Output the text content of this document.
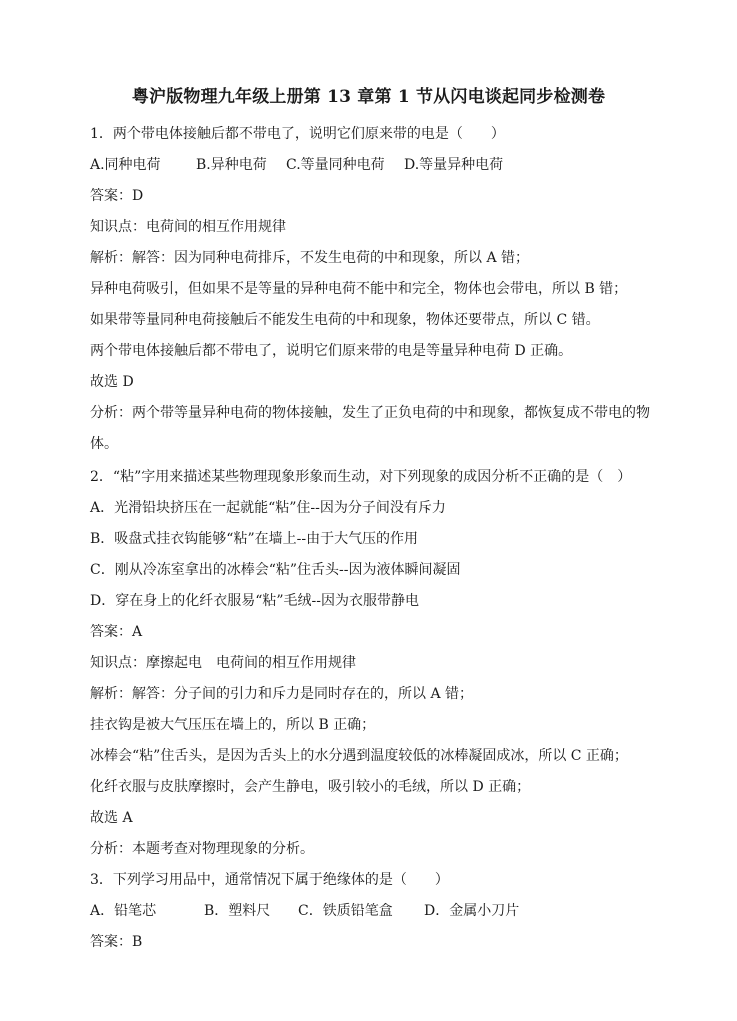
粤沪版物理九年级上册第 13 章第 1 节从闪电谈起同步检测卷
1．两个带电体接触后都不带电了，说明它们原来带的电是（　　）
A.同种电荷	B.异种电荷 C.等量同种电荷 D.等量异种电荷
答案：D
知识点：电荷间的相互作用规律
解析：解答：因为同种电荷排斥，不发生电荷的中和现象，所以 A 错；
异种电荷吸引，但如果不是等量的异种电荷不能中和完全，物体也会带电，所以 B 错；
如果带等量同种电荷接触后不能发生电荷的中和现象，物体还要带点，所以 C 错。
两个带电体接触后都不带电了，说明它们原来带的电是等量异种电荷 D 正确。
故选 D
分析：两个带等量异种电荷的物体接触，发生了正负电荷的中和现象，都恢复成不带电的物体。
2．“粘”字用来描述某些物理现象形象而生动，对下列现象的成因分析不正确的是（　）
A．光滑铅块挤压在一起就能“粘”住--因为分子间没有斥力
B．吸盘式挂衣钩能够“粘”在墙上--由于大气压的作用
C．刚从冷冻室拿出的冰棒会“粘”住舌头--因为液体瞬间凝固
D．穿在身上的化纤衣服易“粘”毛绒--因为衣服带静电
答案：A
知识点：摩擦起电　电荷间的相互作用规律
解析：解答：分子间的引力和斥力是同时存在的，所以 A 错；
挂衣钩是被大气压压在墙上的，所以 B 正确；
冰棒会“粘”住舌头，是因为舌头上的水分遇到温度较低的冰棒凝固成冰，所以 C 正确；
化纤衣服与皮肤摩擦时，会产生静电，吸引较小的毛绒，所以 D 正确；
故选 A
分析：本题考查对物理现象的分析。
3．下列学习用品中，通常情况下属于绝缘体的是（　　）
A．铅笔芯	B．塑料尺 C．铁质铅笔盒 D．金属小刀片
答案：B
